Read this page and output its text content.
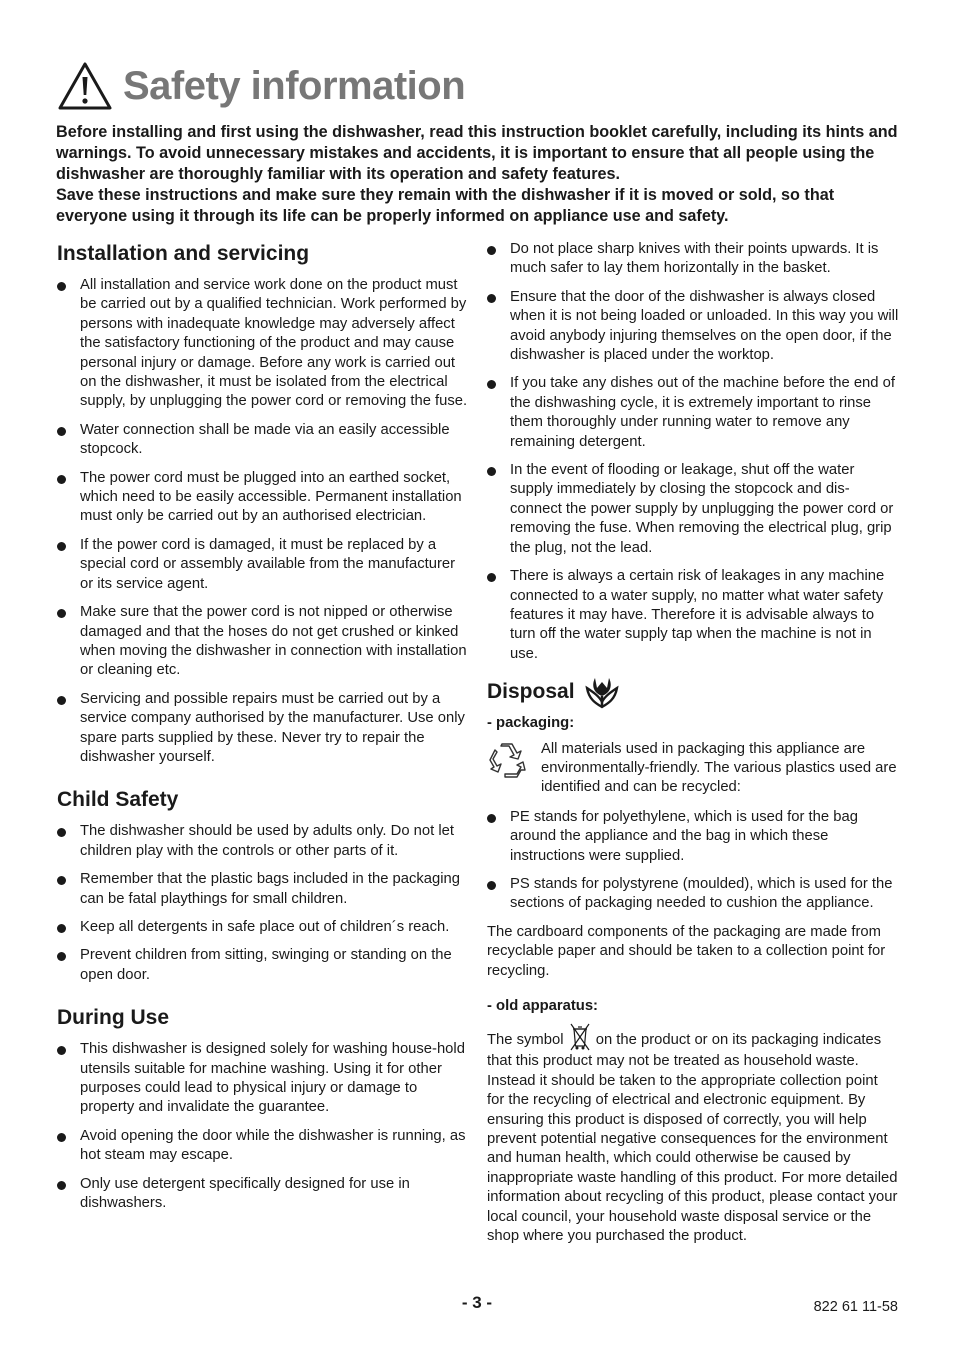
Safety information

Before installing and first using the dishwasher, read this instruction booklet carefully, including its hints and warnings. To avoid unnecessary mistakes and accidents, it is important to ensure that all people using the dishwasher are thoroughly familiar with its operation and safety features.

Save these instructions and make sure they remain with the dishwasher if it is moved or sold, so that everyone using it through its life can be properly informed on appliance use and safety.

Installation and servicing
All installation and service work done on the product must be carried out by a qualified technician. Work performed by persons with inadequate knowledge may adversely affect the satisfactory functioning of the product and may cause personal injury or damage. Before any work is carried out on the dishwasher, it must be isolated from the electrical supply, by unplugging the power cord or removing the fuse.
Water connection shall be made via an easily accessible stopcock.
The power cord must be plugged into an earthed socket, which need to be easily accessible. Permanent installation must only be carried out by an authorised electrician.
If the power cord is damaged, it must be replaced by a special cord or assembly available from the manufacturer or its service agent.
Make sure that the power cord is not nipped or otherwise damaged and that the hoses do not get crushed or kinked when moving the dishwasher in connection with installation or cleaning etc.
Servicing and possible repairs must be carried out by a service company authorised by the manufacturer. Use only spare parts supplied by these. Never try to repair the dishwasher yourself.
Child Safety
The dishwasher should be used by adults only. Do not let children play with the controls or other parts of it.
Remember that the plastic bags included in the packaging can be fatal playthings for small children.
Keep all detergents in safe place out of children´s reach.
Prevent children from sitting, swinging or standing on the open door.
During Use
This dishwasher is designed solely for washing house-hold utensils suitable for machine washing. Using it for other purposes could lead to physical injury or damage to property and invalidate the guarantee.
Avoid opening the door while the dishwasher is running, as hot steam may escape.
Only use detergent specifically designed for use in dishwashers.
Do not place sharp knives with their points upwards. It is much safer to lay them horizontally in the basket.
Ensure that the door of the dishwasher is always closed when it is not being loaded or unloaded. In this way you will avoid anybody injuring themselves on the open door, if the dishwasher is placed under the worktop.
If you take any dishes out of the machine before the end of the dishwashing cycle, it is extremely important to rinse them thoroughly under running water to remove any remaining detergent.
In the event of flooding or leakage, shut off the water supply immediately by closing the stopcock and dis-connect the power supply by unplugging the power cord or removing the fuse. When removing the electrical plug, grip the plug, not the lead.
There is always a certain risk of leakages in any machine connected to a water supply, no matter what water safety features it may have. Therefore it is advisable always to turn off the water supply tap when the machine is not in use.
Disposal
- packaging:
All materials used in packaging this appliance are environmentally-friendly. The various plastics used are identified and can be recycled:
PE stands for polyethylene, which is used for the bag around the appliance and the bag in which these instructions were supplied.
PS stands for polystyrene (moulded), which is used for the sections of packaging needed to cushion the appliance.

The cardboard components of the packaging are made from recyclable paper and should be taken to a collection point for recycling.

- old apparatus:

The symbol on the product or on its packaging indicates that this product may not be treated as household waste. Instead it should be taken to the appropriate collection point for the recycling of electrical and electronic equipment. By ensuring this product is disposed of correctly, you will help prevent potential negative consequences for the environment and human health, which could otherwise be caused by inappropriate waste handling of this product. For more detailed information about recycling of this product, please contact your local council, your household waste disposal service or the shop where you purchased the product.

- 3 -	822 61 11-58
